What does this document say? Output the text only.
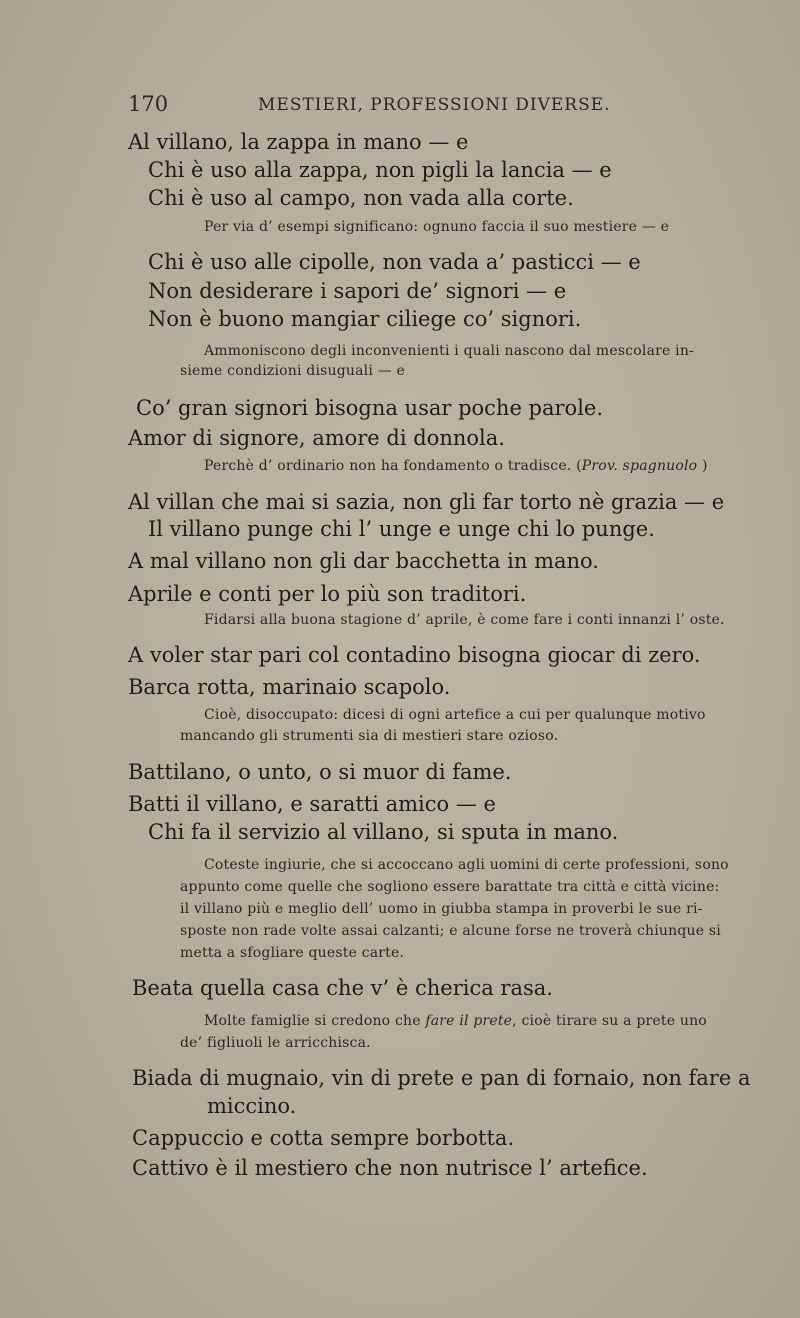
170	MESTIERI, PROFESSIONI DIVERSE.
Al villano, la zappa in mano — e
Chi è uso alla zappa, non pigli la lancia — e
Chi è uso al campo, non vada alla corte.
Per via d’ esempi significano: ognuno faccia il suo mestiere — e
Chi è uso alle cipolle, non vada a’ pasticci — e
Non desiderare i sapori de’ signori — e
Non è buono mangiar ciliege co’ signori.
Ammoniscono degli inconvenienti i quali nascono dal mescolare in-
sieme condizioni disuguali — e
Co’ gran signori bisogna usar poche parole.
Amor di signore, amore di donnola.
Perchè d’ ordinario non ha fondamento o tradisce. (Prov. spagnuolo )
Al villan che mai si sazia, non gli far torto nè grazia — e
Il villano punge chi l’ unge e unge chi lo punge.
A mal villano non gli dar bacchetta in mano.
Aprile e conti per lo più son traditori.
Fidarsi alla buona stagione d’ aprile, è come fare i conti innanzi l’ oste.
A voler star pari col contadino bisogna giocar di zero.
Barca rotta, marinaio scapolo.
Cioè, disoccupato: dicesi di ogni artefice a cui per qualunque motivo
mancando gli strumenti sia di mestieri stare ozioso.
Battilano, o unto, o si muor di fame.
Batti il villano, e saratti amico — e
Chi fa il servizio al villano, si sputa in mano.
Coteste ingiurie, che si accoccano agli uomini di certe professioni, sono
appunto come quelle che sogliono essere barattate tra città e città vicine:
il villano più e meglio dell’ uomo in giubba stampa in proverbi le sue ri-
sposte non rade volte assai calzanti; e alcune forse ne troverà chiunque si
metta a sfogliare queste carte.
Beata quella casa che v’ è cherica rasa.
Molte famiglie si credono che fare il prete, cioè tirare su a prete uno
de’ figliuoli le arricchisca.
Biada di mugnaio, vin di prete e pan di fornaio, non fare a
miccino.
Cappuccio e cotta sempre borbotta.
Cattivo è il mestiero che non nutrisce l’ artefice.
